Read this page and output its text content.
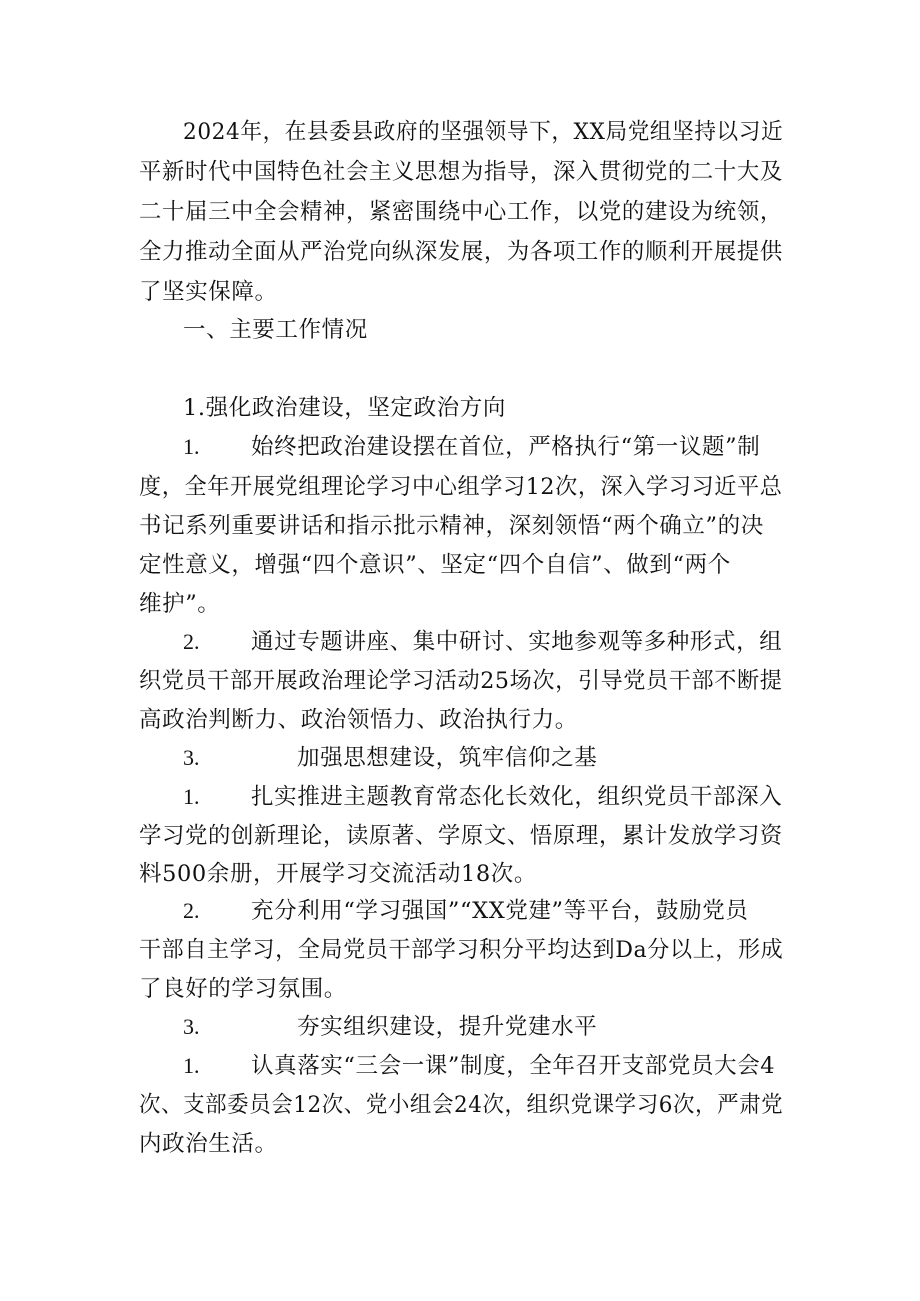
2024年，在县委县政府的坚强领导下，XX局党组坚持以习近

平新时代中国特色社会主义思想为指导，深入贯彻党的二十大及

二十届三中全会精神，紧密围绕中心工作，以党的建设为统领，

全力推动全面从严治党向纵深发展，为各项工作的顺利开展提供

了坚实保障。

一、主要工作情况

1.强化政治建设，坚定政治方向

1. 始终把政治建设摆在首位，严格执行“第一议题”制

度，全年开展党组理论学习中心组学习12次，深入学习习近平总

书记系列重要讲话和指示批示精神，深刻领悟“两个确立”的决

定性意义，增强“四个意识”、坚定“四个自信”、做到“两个

维护”。

2. 通过专题讲座、集中研讨、实地参观等多种形式，组

织党员干部开展政治理论学习活动25场次，引导党员干部不断提

高政治判断力、政治领悟力、政治执行力。

3.	加强思想建设，筑牢信仰之基

1. 扎实推进主题教育常态化长效化，组织党员干部深入

学习党的创新理论，读原著、学原文、悟原理，累计发放学习资

料500余册，开展学习交流活动18次。

2. 充分利用“学习强国”“XX党建”等平台，鼓励党员

干部自主学习，全局党员干部学习积分平均达到Da分以上，形成

了良好的学习氛围。

3.	夯实组织建设，提升党建水平

1. 认真落实“三会一课”制度，全年召开支部党员大会4

次、支部委员会12次、党小组会24次，组织党课学习6次，严肃党

内政治生活。
